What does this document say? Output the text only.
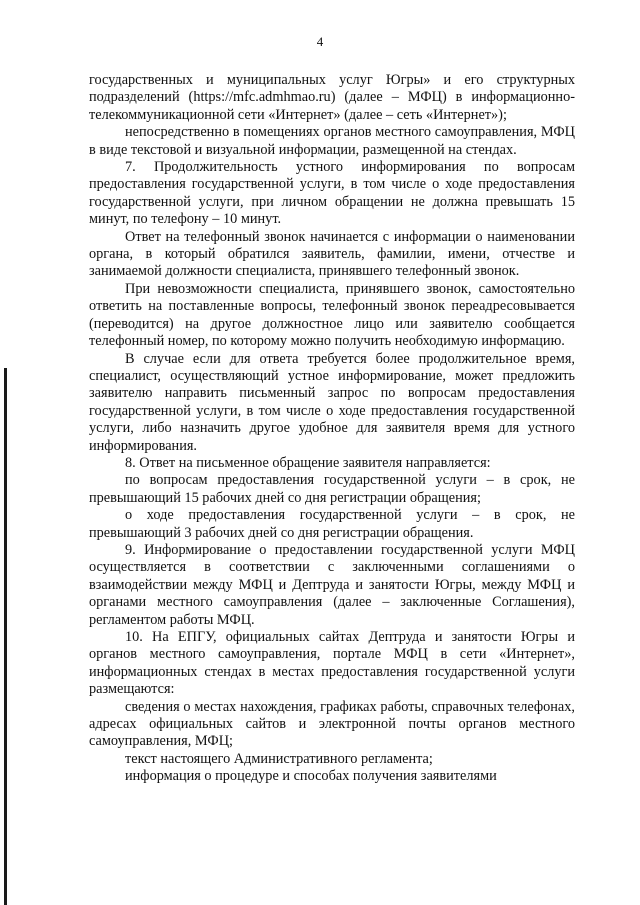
4

государственных и муниципальных услуг Югры» и его структурных подразделений (https://mfc.admhmao.ru) (далее – МФЦ) в информационно-телекоммуникационной сети «Интернет» (далее – сеть «Интернет»);

непосредственно в помещениях органов местного самоуправления, МФЦ в виде текстовой и визуальной информации, размещенной на стендах.

7. Продолжительность устного информирования по вопросам предоставления государственной услуги, в том числе о ходе предоставления государственной услуги, при личном обращении не должна превышать 15 минут, по телефону – 10 минут.

Ответ на телефонный звонок начинается с информации о наименовании органа, в который обратился заявитель, фамилии, имени, отчестве и занимаемой должности специалиста, принявшего телефонный звонок.

При невозможности специалиста, принявшего звонок, самостоятельно ответить на поставленные вопросы, телефонный звонок переадресовывается (переводится) на другое должностное лицо или заявителю сообщается телефонный номер, по которому можно получить необходимую информацию.

В случае если для ответа требуется более продолжительное время, специалист, осуществляющий устное информирование, может предложить заявителю направить письменный запрос по вопросам предоставления государственной услуги, в том числе о ходе предоставления государственной услуги, либо назначить другое удобное для заявителя время для устного информирования.

8. Ответ на письменное обращение заявителя направляется:

по вопросам предоставления государственной услуги – в срок, не превышающий 15 рабочих дней со дня регистрации обращения;

о ходе предоставления государственной услуги – в срок, не превышающий 3 рабочих дней со дня регистрации обращения.

9. Информирование о предоставлении государственной услуги МФЦ осуществляется в соответствии с заключенными соглашениями о взаимодействии между МФЦ и Дептруда и занятости Югры, между МФЦ и органами местного самоуправления (далее – заключенные Соглашения), регламентом работы МФЦ.

10. На ЕПГУ, официальных сайтах Дептруда и занятости Югры и органов местного самоуправления, портале МФЦ в сети «Интернет», информационных стендах в местах предоставления государственной услуги размещаются:

сведения о местах нахождения, графиках работы, справочных телефонах, адресах официальных сайтов и электронной почты органов местного самоуправления, МФЦ;

текст настоящего Административного регламента;

информация о процедуре и способах получения заявителями
